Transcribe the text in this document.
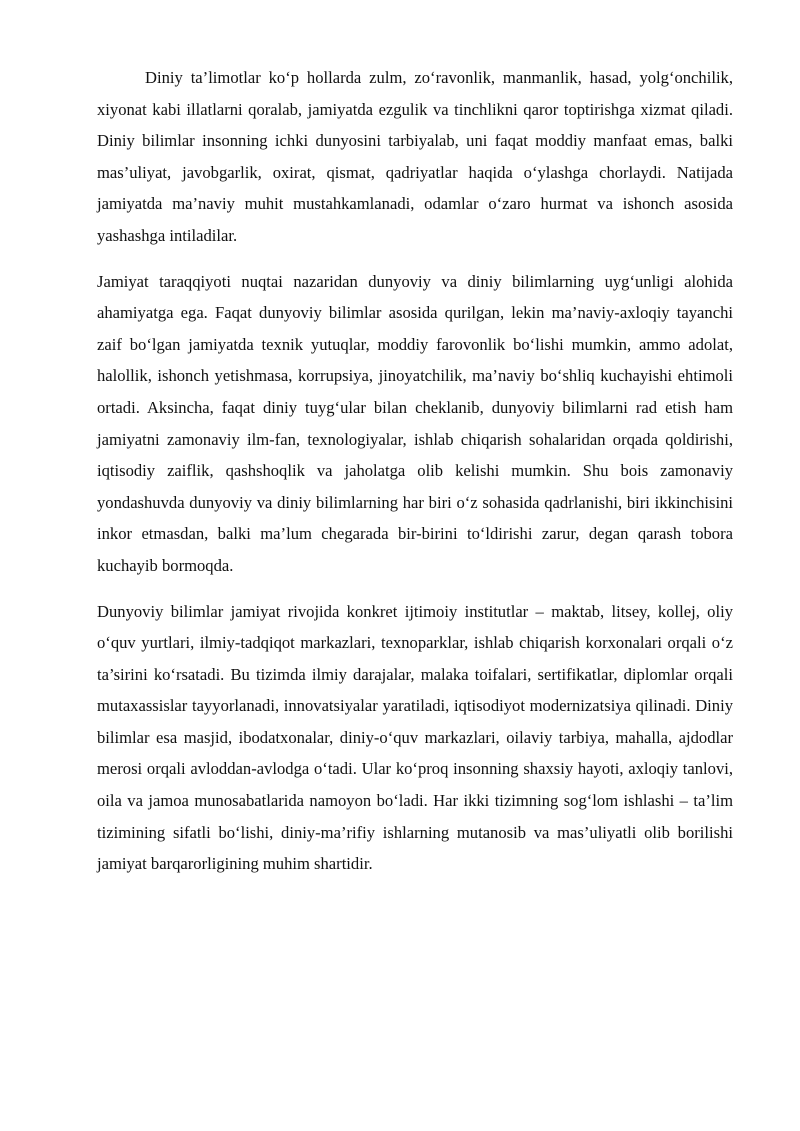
Diniy ta’limotlar ko‘p hollarda zulm, zo‘ravonlik, manmanlik, hasad, yolg‘onchilik, xiyonat kabi illatlarni qoralab, jamiyatda ezgulik va tinchlikni qaror toptirishga xizmat qiladi. Diniy bilimlar insonning ichki dunyosini tarbiyalab, uni faqat moddiy manfaat emas, balki mas’uliyat, javobgarlik, oxirat, qismat, qadriyatlar haqida o‘ylashga chorlaydi. Natijada jamiyatda ma’naviy muhit mustahkamlanadi, odamlar o‘zaro hurmat va ishonch asosida yashashga intiladilar.

Jamiyat taraqqiyoti nuqtai nazaridan dunyoviy va diniy bilimlarning uyg‘unligi alohida ahamiyatga ega. Faqat dunyoviy bilimlar asosida qurilgan, lekin ma’naviy-axloqiy tayanchi zaif bo‘lgan jamiyatda texnik yutuqlar, moddiy farovonlik bo‘lishi mumkin, ammo adolat, halollik, ishonch yetishmasa, korrupsiya, jinoyatchilik, ma’naviy bo‘shliq kuchayishi ehtimoli ortadi. Aksincha, faqat diniy tuyg‘ular bilan cheklanib, dunyoviy bilimlarni rad etish ham jamiyatni zamonaviy ilm-fan, texnologiyalar, ishlab chiqarish sohalaridan orqada qoldirishi, iqtisodiy zaiflik, qashshoqlik va jaholatga olib kelishi mumkin. Shu bois zamonaviy yondashuvda dunyoviy va diniy bilimlarning har biri o‘z sohasida qadrlanishi, biri ikkinchisini inkor etmasdan, balki ma’lum chegarada bir-birini to‘ldirishi zarur, degan qarash tobora kuchayib bormoqda.

Dunyoviy bilimlar jamiyat rivojida konkret ijtimoiy institutlar – maktab, litsey, kollej, oliy o‘quv yurtlari, ilmiy-tadqiqot markazlari, texnoparklar, ishlab chiqarish korxonalari orqali o‘z ta’sirini ko‘rsatadi. Bu tizimda ilmiy darajalar, malaka toifalari, sertifikatlar, diplomlar orqali mutaxassislar tayyorlanadi, innovatsiyalar yaratiladi, iqtisodiyot modernizatsiya qilinadi. Diniy bilimlar esa masjid, ibodatxonalar, diniy-o‘quv markazlari, oilaviy tarbiya, mahalla, ajdodlar merosi orqali avloddan-avlodga o‘tadi. Ular ko‘proq insonning shaxsiy hayoti, axloqiy tanlovi, oila va jamoa munosabatlarida namoyon bo‘ladi. Har ikki tizimning sog‘lom ishlashi – ta’lim tizimining sifatli bo‘lishi, diniy-ma’rifiy ishlarning mutanosib va mas’uliyatli olib borilishi jamiyat barqarorligining muhim shartidir.
